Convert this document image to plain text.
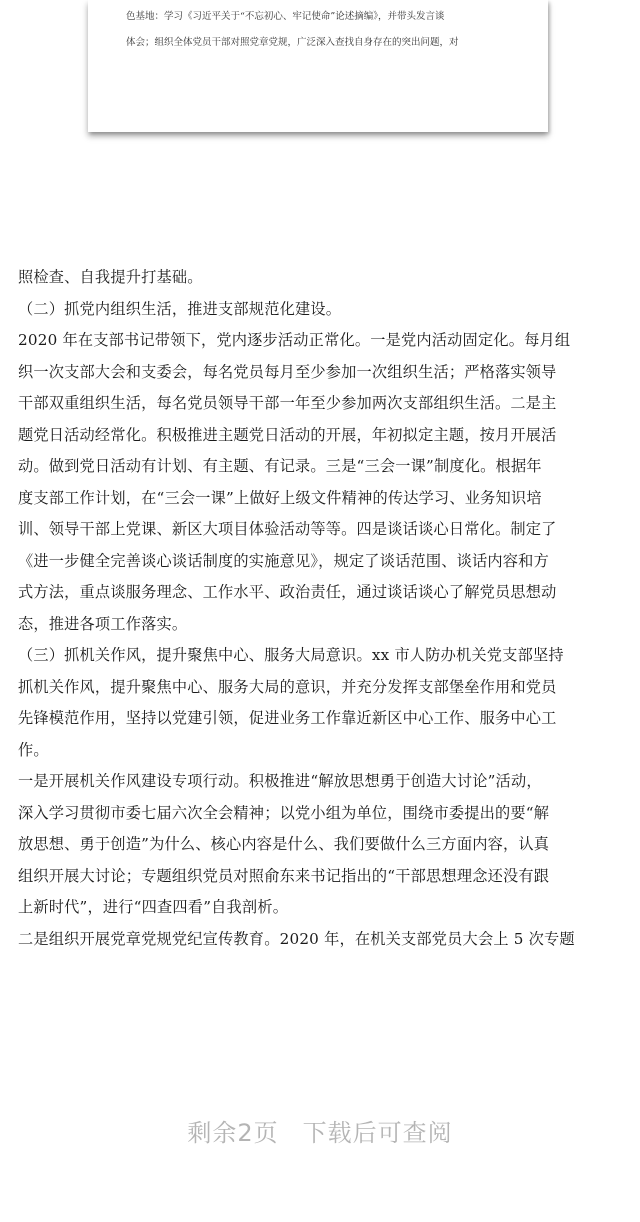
色基地：学习《习近平关于“不忘初心、牢记使命”论述摘编》，并带头发言谈
体会；组织全体党员干部对照党章党规，广泛深入查找自身存在的突出问题，对
照检查、自我提升打基础。
（二）抓党内组织生活，推进支部规范化建设。
2020 年在支部书记带领下，党内逐步活动正常化。一是党内活动固定化。每月组
织一次支部大会和支委会，每名党员每月至少参加一次组织生活；严格落实领导
干部双重组织生活，每名党员领导干部一年至少参加两次支部组织生活。二是主
题党日活动经常化。积极推进主题党日活动的开展，年初拟定主题，按月开展活
动。做到党日活动有计划、有主题、有记录。三是“三会一课”制度化。根据年
度支部工作计划，在“三会一课”上做好上级文件精神的传达学习、业务知识培
训、领导干部上党课、新区大项目体验活动等等。四是谈话谈心日常化。制定了
《进一步健全完善谈心谈话制度的实施意见》，规定了谈话范围、谈话内容和方
式方法，重点谈服务理念、工作水平、政治责任，通过谈话谈心了解党员思想动
态，推进各项工作落实。
（三）抓机关作风，提升聚焦中心、服务大局意识。xx 市人防办机关党支部坚持
抓机关作风，提升聚焦中心、服务大局的意识，并充分发挥支部堡垒作用和党员
先锋模范作用，坚持以党建引领，促进业务工作靠近新区中心工作、服务中心工
作。
一是开展机关作风建设专项行动。积极推进“解放思想勇于创造大讨论”活动，
深入学习贯彻市委七届六次全会精神；以党小组为单位，围绕市委提出的要“解
放思想、勇于创造”为什么、核心内容是什么、我们要做什么三方面内容，认真
组织开展大讨论；专题组织党员对照俞东来书记指出的“干部思想理念还没有跟
上新时代”，进行“四查四看”自我剖析。
二是组织开展党章党规党纪宣传教育。2020 年，在机关支部党员大会上 5 次专题
剩余2页 下载后可查阅
